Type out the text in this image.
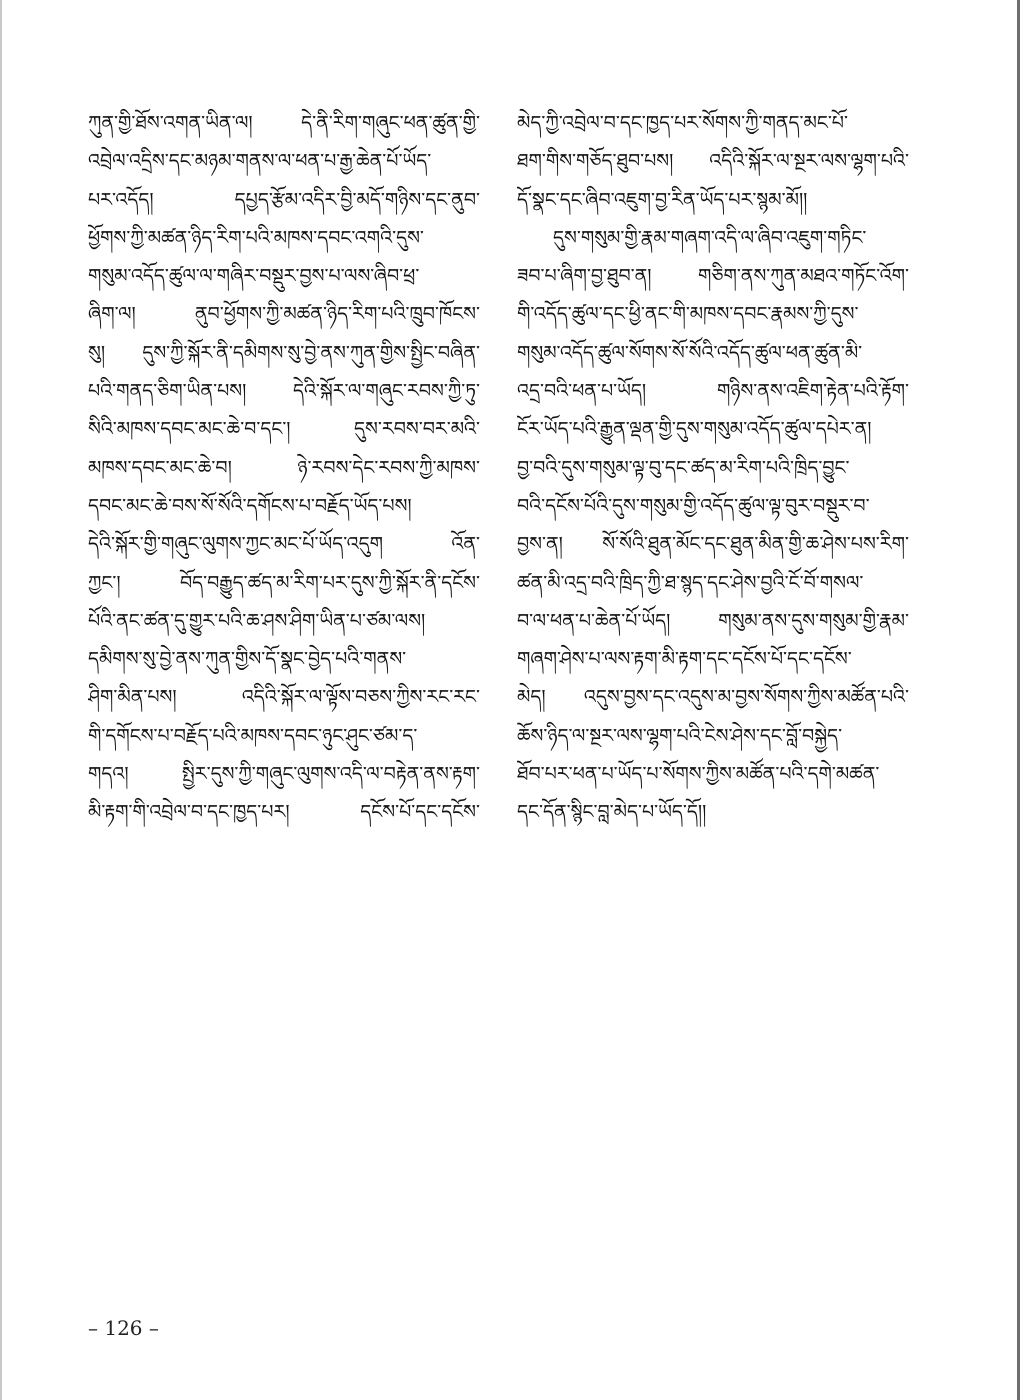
ཀུན་གྱི་ཐོས་འགན་ཡིན་ལ། དེ་ནི་རིག་གཞུང་ཕན་ཚུན་གྱི་
འབྲེལ་འདྲིས་དང་མཉམ་གནས་ལ་ཕན་པ་རྒྱ་ཆེན་པོ་ཡོད་
པར་འདོད། དཔྱད་རྩོམ་འདིར་བྱི་མདོ་གཉིས་དང་ནུབ་
ཕྱོགས་ཀྱི་མཚན་ཉིད་རིག་པའི་མཁས་དབང་འགའི་དུས་
གསུམ་འདོད་ཚུལ་ལ་གཞིར་བསྡུར་བྱས་པ་ལས་ཞིབ་ཕྲ་
ཞིག་ལ། ནུབ་ཕྱོགས་ཀྱི་མཚན་ཉིད་རིག་པའི་ཁྲུབ་ཁོངས་
སུ། དུས་ཀྱི་སྐོར་ནི་དམིགས་སུ་བྱེ་ནས་ཀུན་གྱིས་སྤྱིང་བཞིན་
པའི་གནད་ཅིག་ཡིན་པས། དེའི་སྐོར་ལ་གཞུང་རབས་ཀྱི་ཏུ་
སིའི་མཁས་དབང་མང་ཆེ་བ་དང་། དུས་རབས་བར་མའི་
མཁས་དབང་མང་ཆེ་བ། ཉེ་རབས་དེང་རབས་ཀྱི་མཁས་
དབང་མང་ཆེ་བས་སོ་སོའི་དགོངས་པ་བརྗོད་ཡོད་པས།
དེའི་སྐོར་གྱི་གཞུང་ལུགས་ཀྱང་མང་པོ་ཡོད་འདུག འོན་
ཀྱང་། བོད་བརྒྱུད་ཚད་མ་རིག་པར་དུས་ཀྱི་སྐོར་ནི་དངོས་
པོའི་ནང་ཚན་དུ་གྱུར་པའི་ཆ་ཤས་ཤིག་ཡིན་པ་ཙམ་ལས།
དམིགས་སུ་བྱེ་ནས་ཀུན་གྱིས་དོ་སྣང་བྱེད་པའི་གནས་
ཤིག་མིན་པས། འདིའི་སྐོར་ལ་ལྟོས་བཅས་ཀྱིས་རང་རང་
གི་དགོངས་པ་བརྗོད་པའི་མཁས་དབང་ཉུང་ཤུང་ཙམ་ད་
གདའ། སྤྱིར་དུས་ཀྱི་གཞུང་ལུགས་འདི་ལ་བརྟེན་ནས་རྟག་
མི་རྟག་གི་འབྲེལ་བ་དང་ཁྱད་པར། དངོས་པོ་དང་དངོས་
མེད་ཀྱི་འབྲེལ་བ་དང་ཁྱད་པར་སོགས་ཀྱི་གནད་མང་པོ་
ཐག་གིས་གཅོད་ཐུབ་པས། འདིའི་སྐོར་ལ་སྔར་ལས་ལྷག་པའི་
དོ་སྣང་དང་ཞིབ་འཇུག་བྱ་རིན་ཡོད་པར་སྙམ་མོ།།
དུས་གསུམ་གྱི་རྣམ་གཞག་འདི་ལ་ཞིབ་འཇུག་གཏིང་
ཟབ་པ་ཞིག་བྱ་ཐུབ་ན། གཅིག་ནས་ཀུན་མཐའ་གཏོང་འོག་
གི་འདོད་ཚུལ་དང་ཕྱི་ནང་གི་མཁས་དབང་རྣམས་ཀྱི་དུས་
གསུམ་འདོད་ཚུལ་སོགས་སོ་སོའི་འདོད་ཚུལ་ཕན་ཚུན་མི་
འདྲ་བའི་ཕན་པ་ཡོད། གཉིས་ནས་འཇིག་རྟེན་པའི་རྟོག་
ངོར་ཡོད་པའི་རྒྱུན་ལྡན་གྱི་དུས་གསུམ་འདོད་ཚུལ་དཔེར་ན།
བྱ་བའི་དུས་གསུམ་ལྟ་བུ་དང་ཚད་མ་རིག་པའི་ཁྲིད་བྱུང་
བའི་དངོས་པོའི་དུས་གསུམ་གྱི་འདོད་ཚུལ་ལྟ་བུར་བསྡུར་བ་
བྱས་ན། སོ་སོའི་ཐུན་མོང་དང་ཐུན་མིན་གྱི་ཆ་ཤེས་པས་རིག་
ཚན་མི་འདྲ་བའི་ཁྲིད་ཀྱི་ཐ་སྙད་དང་ཤེས་བྱའི་ངོ་བོ་གསལ་
བ་ལ་ཕན་པ་ཆེན་པོ་ཡོད། གསུམ་ནས་དུས་གསུམ་གྱི་རྣམ་
གཞག་ཤེས་པ་ལས་རྟག་མི་རྟག་དང་དངོས་པོ་དང་དངོས་
མེད། འདུས་བྱས་དང་འདུས་མ་བྱས་སོགས་ཀྱིས་མཚོན་པའི་
ཆོས་ཉིད་ལ་སྔར་ལས་ལྷག་པའི་ངེས་ཤེས་དང་བློ་བསྐྱེད་
ཐོབ་པར་ཕན་པ་ཡོད་པ་སོགས་ཀྱིས་མཚོན་པའི་དགེ་མཚན་
དང་དོན་སྙིང་བླ་མེད་པ་ཡོད་དོ།།
– 126 –
